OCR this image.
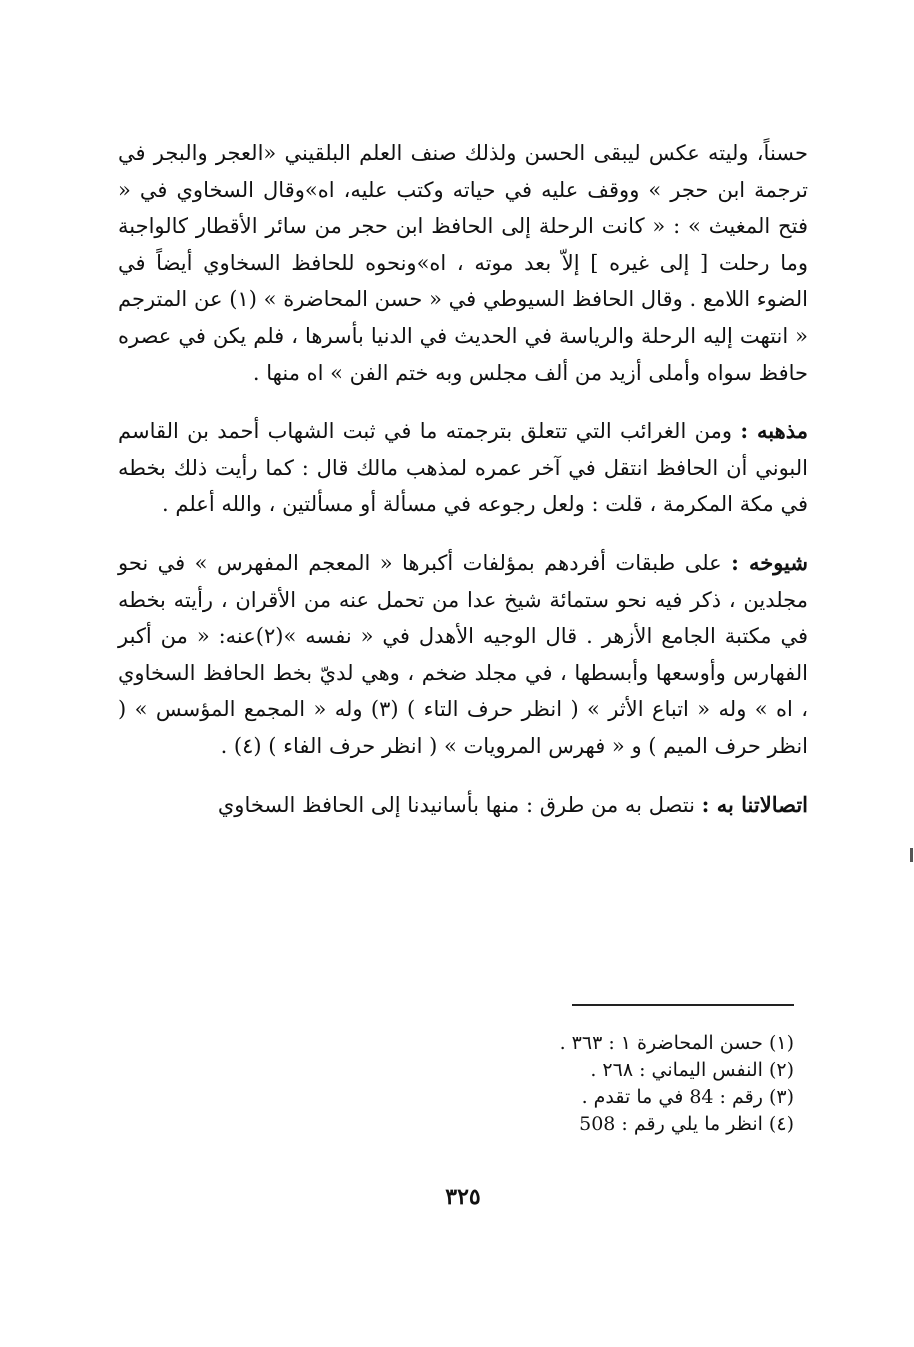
حسناً، وليته عكس ليبقى الحسن ولذلك صنف العلم البلقيني «العجر والبجر في ترجمة ابن حجر » ووقف عليه في حياته وكتب عليه، اه»وقال السخاوي في « فتح المغيث » : « كانت الرحلة إلى الحافظ ابن حجر من سائر الأقطار كالواجبة وما رحلت [ إلى غيره ] إلاّ بعد موته ، اه»ونحوه للحافظ السخاوي أيضاً في الضوء اللامع . وقال الحافظ السيوطي في « حسن المحاضرة » (١) عن المترجم « انتهت إليه الرحلة والرياسة في الحديث في الدنيا بأسرها ، فلم يكن في عصره حافظ سواه وأملى أزيد من ألف مجلس وبه ختم الفن » اه منها .

مذهبه : ومن الغرائب التي تتعلق بترجمته ما في ثبت الشهاب أحمد بن القاسم البوني أن الحافظ انتقل في آخر عمره لمذهب مالك قال : كما رأيت ذلك بخطه في مكة المكرمة ، قلت : ولعل رجوعه في مسألة أو مسألتين ، والله أعلم .

شيوخه : على طبقات أفردهم بمؤلفات أكبرها « المعجم المفهرس » في نحو مجلدين ، ذكر فيه نحو ستمائة شيخ عدا من تحمل عنه من الأقران ، رأيته بخطه في مكتبة الجامع الأزهر . قال الوجيه الأهدل في « نفسه »(٢)عنه: « من أكبر الفهارس وأوسعها وأبسطها ، في مجلد ضخم ، وهي لديّ بخط الحافظ السخاوي ، اه » وله « اتباع الأثر » ( انظر حرف التاء ) (٣) وله « المجمع المؤسس » ( انظر حرف الميم ) و « فهرس المرويات » ( انظر حرف الفاء ) (٤) .

اتصالاتنا به : نتصل به من طرق : منها بأسانيدنا إلى الحافظ السخاوي

(١) حسن المحاضرة ١ : ٣٦٣ .
(٢) النفس اليماني : ٢٦٨ .
(٣) رقم : 84 في ما تقدم .
(٤) انظر ما يلي رقم : 508
٣٢٥
